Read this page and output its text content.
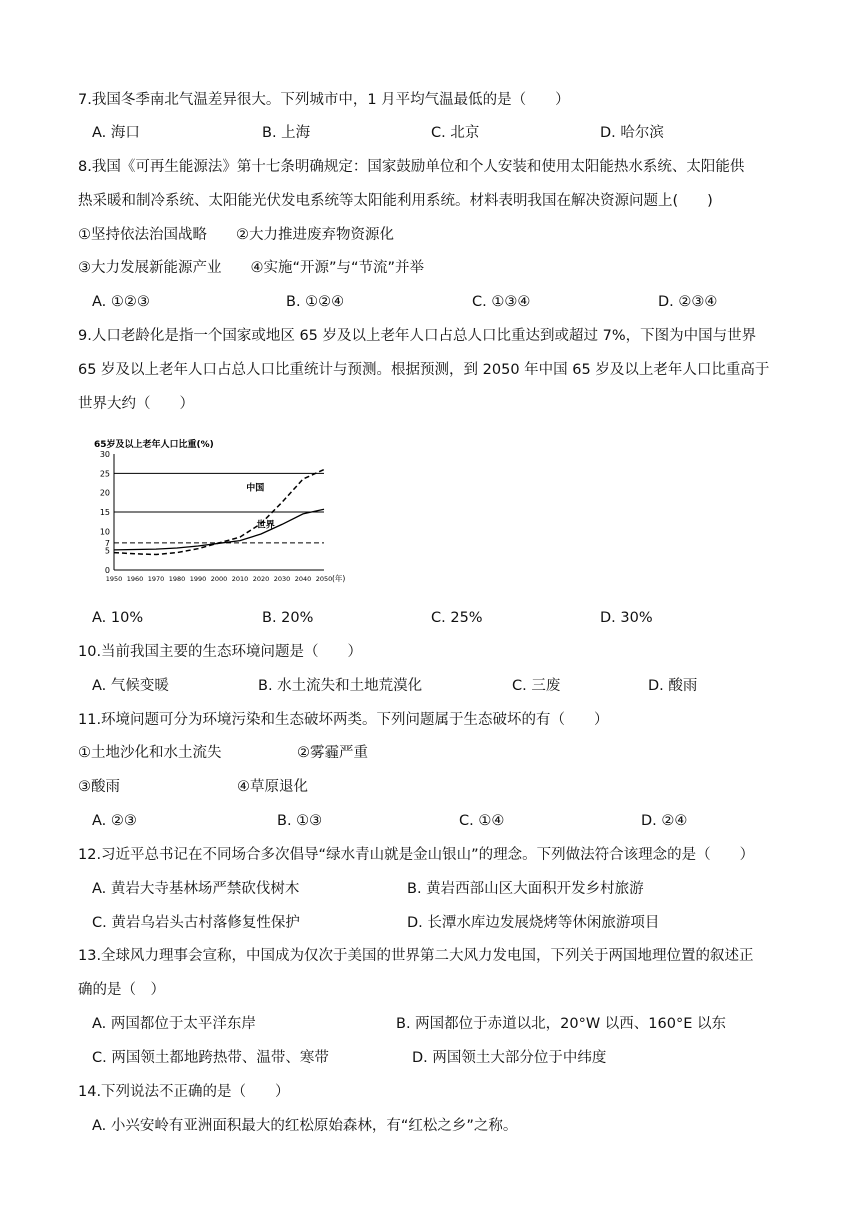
7.我国冬季南北气温差异很大。下列城市中，1 月平均气温最低的是（　　）
A. 海口	B. 上海	C. 北京	D. 哈尔滨
8.我国《可再生能源法》第十七条明确规定：国家鼓励单位和个人安装和使用太阳能热水系统、太阳能供
热采暖和制冷系统、太阳能光伏发电系统等太阳能利用系统。材料表明我国在解决资源问题上(　　)
①坚持依法治国战略　　②大力推进废弃物资源化
③大力发展新能源产业　　④实施“开源”与“节流”并举
A. ①②③	B. ①②④	C. ①③④	D. ②③④
9.人口老龄化是指一个国家或地区 65 岁及以上老年人口占总人口比重达到或超过 7%，下图为中国与世界
65 岁及以上老年人口占总人口比重统计与预测。根据预测，到 2050 年中国 65 岁及以上老年人口比重高于
世界大约（　　）
65岁及以上老年人口比重(%)
0
5
7
10
15
20
25
30
1950 1960 1970 1980 1990 2000 2010 2020 2030 2040 2050 (年)
中国
世界
A. 10%	B. 20%	C. 25%	D. 30%
10.当前我国主要的生态环境问题是（　　）
A. 气候变暖	B. 水土流失和土地荒漠化	C. 三废	D. 酸雨
11.环境问题可分为环境污染和生态破坏两类。下列问题属于生态破坏的有（　　）
①土地沙化和水土流失	②雾霾严重
③酸雨	④草原退化
A. ②③	B. ①③	C. ①④	D. ②④
12.习近平总书记在不同场合多次倡导“绿水青山就是金山银山”的理念。下列做法符合该理念的是（　　）
A. 黄岩大寺基林场严禁砍伐树木	B. 黄岩西部山区大面积开发乡村旅游
C. 黄岩乌岩头古村落修复性保护	D. 长潭水库边发展烧烤等休闲旅游项目
13.全球风力理事会宣称，中国成为仅次于美国的世界第二大风力发电国，下列关于两国地理位置的叙述正
确的是（　）
A. 两国都位于太平洋东岸	B. 两国都位于赤道以北，20°W 以西、160°E 以东
C. 两国领土都地跨热带、温带、寒带	D. 两国领土大部分位于中纬度
14.下列说法不正确的是（　　）
A. 小兴安岭有亚洲面积最大的红松原始森林，有“红松之乡”之称。
